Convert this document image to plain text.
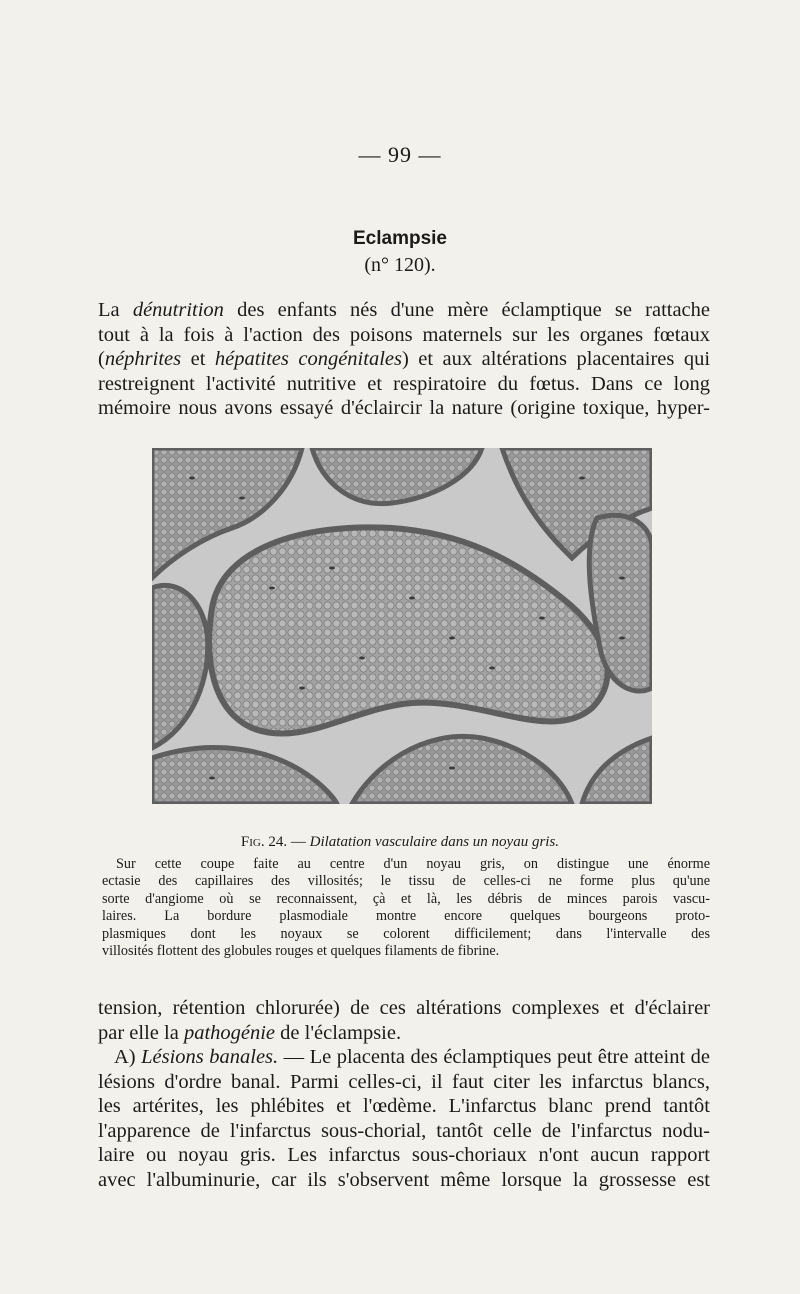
— 99 —
Eclampsie
(n° 120).
La dénutrition des enfants nés d'une mère éclamptique se rattache
tout à la fois à l'action des poisons maternels sur les organes fœtaux
(néphrites et hépatites congénitales) et aux altérations placentaires qui
restreignent l'activité nutritive et respiratoire du fœtus. Dans ce long
mémoire nous avons essayé d'éclaircir la nature (origine toxique, hyper-
Fig. 24. — Dilatation vasculaire dans un noyau gris.
Sur cette coupe faite au centre d'un noyau gris, on distingue une énorme
ectasie des capillaires des villosités; le tissu de celles-ci ne forme plus qu'une
sorte d'angiome où se reconnaissent, çà et là, les débris de minces parois vascu-
laires. La bordure plasmodiale montre encore quelques bourgeons proto-
plasmiques dont les noyaux se colorent difficilement; dans l'intervalle des
villosités flottent des globules rouges et quelques filaments de fibrine.
tension, rétention chlorurée) de ces altérations complexes et d'éclairer
par elle la pathogénie de l'éclampsie.
A) Lésions banales. — Le placenta des éclamptiques peut être atteint de
lésions d'ordre banal. Parmi celles-ci, il faut citer les infarctus blancs,
les artérites, les phlébites et l'œdème. L'infarctus blanc prend tantôt
l'apparence de l'infarctus sous-chorial, tantôt celle de l'infarctus nodu-
laire ou noyau gris. Les infarctus sous-choriaux n'ont aucun rapport
avec l'albuminurie, car ils s'observent même lorsque la grossesse est
